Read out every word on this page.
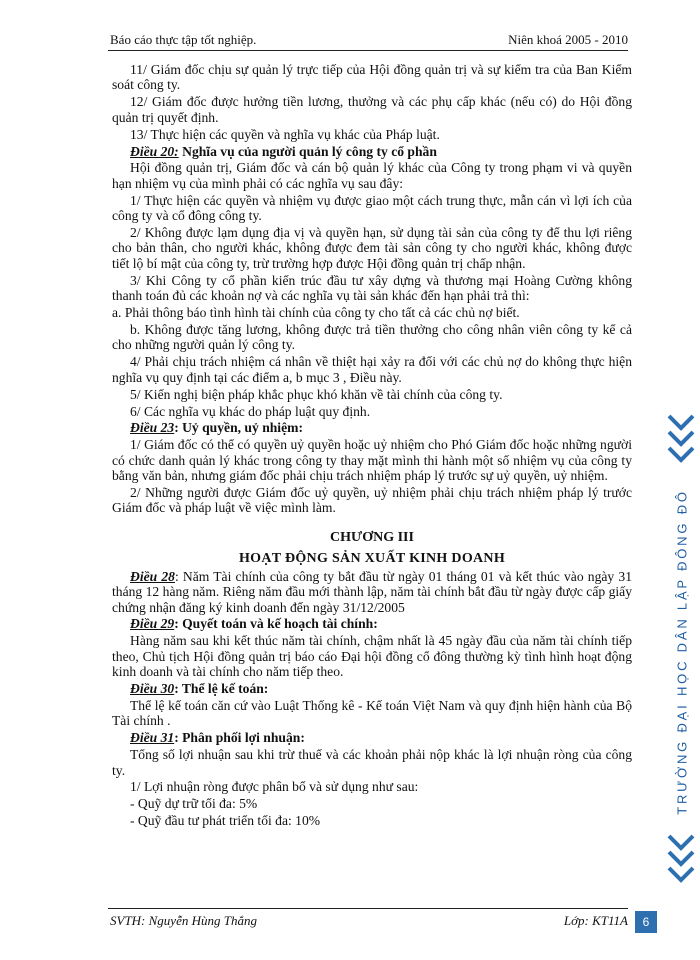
Báo cáo thực tập tốt nghiệp.	Niên khoá 2005 - 2010

11/ Giám đốc chịu sự quản lý trực tiếp của Hội đồng quản trị và sự kiểm tra của Ban Kiểm soát công ty.

12/ Giám đốc được hưởng tiền lương, thưởng và các phụ cấp khác (nếu có) do Hội đồng quản trị quyết định.

13/ Thực hiện các quyền và nghĩa vụ khác của Pháp luật.

Điều 20: Nghĩa vụ của người quản lý công ty cổ phần

Hội đồng quản trị, Giám đốc và cán bộ quản lý khác của Công ty trong phạm vi và quyền hạn nhiệm vụ của mình phải có các nghĩa vụ sau đây:

1/ Thực hiện các quyền và nhiệm vụ được giao một cách trung thực, mẫn cán vì lợi ích của công ty và cổ đông công ty.

2/ Không được lạm dụng địa vị và quyền hạn, sử dụng tài sản của công ty để thu lợi riêng cho bản thân, cho người khác, không được đem tài sản công ty cho người khác, không được tiết lộ bí mật của công ty, trừ trường hợp được Hội đồng quản trị chấp nhận.

3/ Khi Công ty cổ phần kiến trúc đầu tư xây dựng và thương mại Hoàng Cường không thanh toán đủ các khoản nợ và các nghĩa vụ tài sản khác đến hạn phải trả thì:

a. Phải thông báo tình hình tài chính của công ty cho tất cả các chủ nợ biết.

b. Không được tăng lương, không được trả tiền thưởng cho công nhân viên công ty kể cả cho những người quản lý công ty.

4/ Phải chịu trách nhiệm cá nhân về thiệt hại xảy ra đối với các chủ nợ do không thực hiện nghĩa vụ quy định tại các điểm a, b mục 3 , Điều này.

5/ Kiến nghị biện pháp khắc phục khó khăn về tài chính của công ty.

6/ Các nghĩa vụ khác do pháp luật quy định.

Điều 23: Uỷ quyền, uỷ nhiệm:

1/ Giám đốc có thể có quyền uỷ quyền hoặc uỷ nhiệm cho Phó Giám đốc hoặc những người có chức danh quản lý khác trong công ty thay mặt mình thi hành một số nhiệm vụ của công ty bằng văn bản, nhưng giám đốc phải chịu trách nhiệm pháp lý trước sự uỷ quyền, uỷ nhiệm.

2/ Những người được Giám đốc uỷ quyền, uỷ nhiệm phải chịu trách nhiệm pháp lý trước Giám đốc và pháp luật về việc mình làm.

CHƯƠNG III
HOẠT ĐỘNG SẢN XUẤT KINH DOANH

Điều 28: Năm Tài chính của công ty bắt đầu từ ngày 01 tháng 01 và kết thúc vào ngày 31 tháng 12 hàng năm. Riêng năm đầu mới thành lập, năm tài chính bắt đầu từ ngày được cấp giấy chứng nhận đăng ký kinh doanh đến ngày 31/12/2005

Điều 29: Quyết toán và kế hoạch tài chính:

Hàng năm sau khi kết thúc năm tài chính, chậm nhất là 45 ngày đầu của năm tài chính tiếp theo, Chủ tịch Hội đồng quản trị báo cáo Đại hội đồng cổ đông thường kỳ tình hình hoạt động kinh doanh và tài chính cho năm tiếp theo.

Điều 30: Thể lệ kế toán:

Thể lệ kế toán căn cứ vào Luật Thống kê - Kế toán Việt Nam và quy định hiện hành của Bộ Tài chính .

Điều 31: Phân phối lợi nhuận:

Tổng số lợi nhuận sau khi trừ thuế và các khoản phải nộp khác là lợi nhuận ròng của công ty.

1/ Lợi nhuận ròng được phân bổ và sử dụng như sau:

- Quỹ dự trữ tối đa: 5%

- Quỹ đầu tư phát triển tối đa: 10%

TRƯỜNG ĐẠI HỌC DÂN LẬP ĐÔNG ĐÔ
SVTH: Nguyễn Hùng Thắng	Lớp: KT11A	6
